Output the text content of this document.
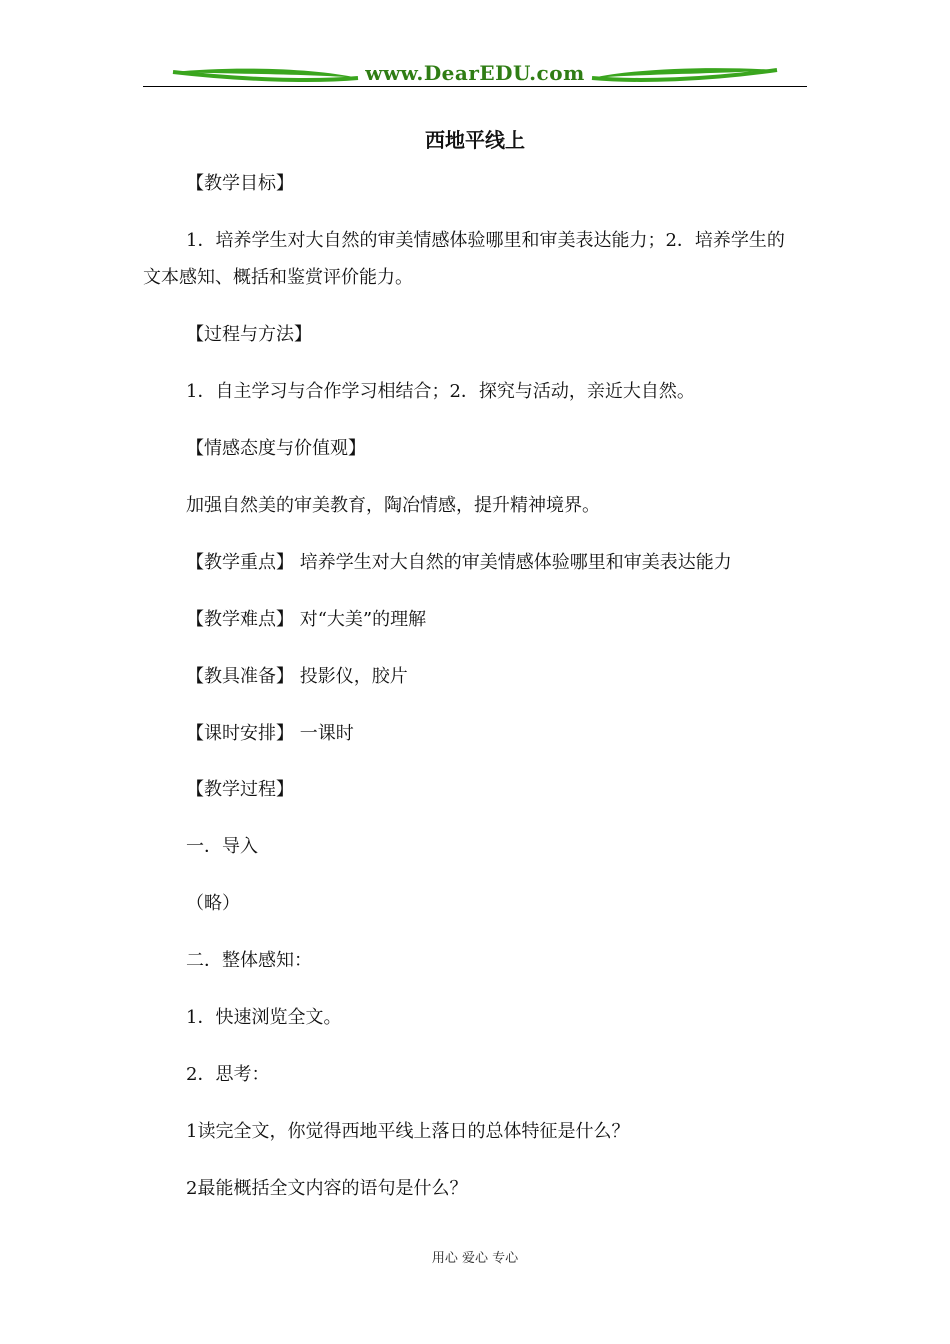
www.DearEDU.com
西地平线上
【教学目标】
1．培养学生对大自然的审美情感体验哪里和审美表达能力；2．培养学生的
文本感知、概括和鉴赏评价能力。
【过程与方法】
1．自主学习与合作学习相结合；2．探究与活动，亲近大自然。
【情感态度与价值观】
加强自然美的审美教育，陶冶情感，提升精神境界。
【教学重点】 培养学生对大自然的审美情感体验哪里和审美表达能力
【教学难点】 对“大美”的理解
【教具准备】 投影仪，胶片
【课时安排】 一课时
【教学过程】
一．导入
（略）
二．整体感知：
1．快速浏览全文。
2．思考：
1读完全文，你觉得西地平线上落日的总体特征是什么？
2最能概括全文内容的语句是什么？
用心 爱心 专心
